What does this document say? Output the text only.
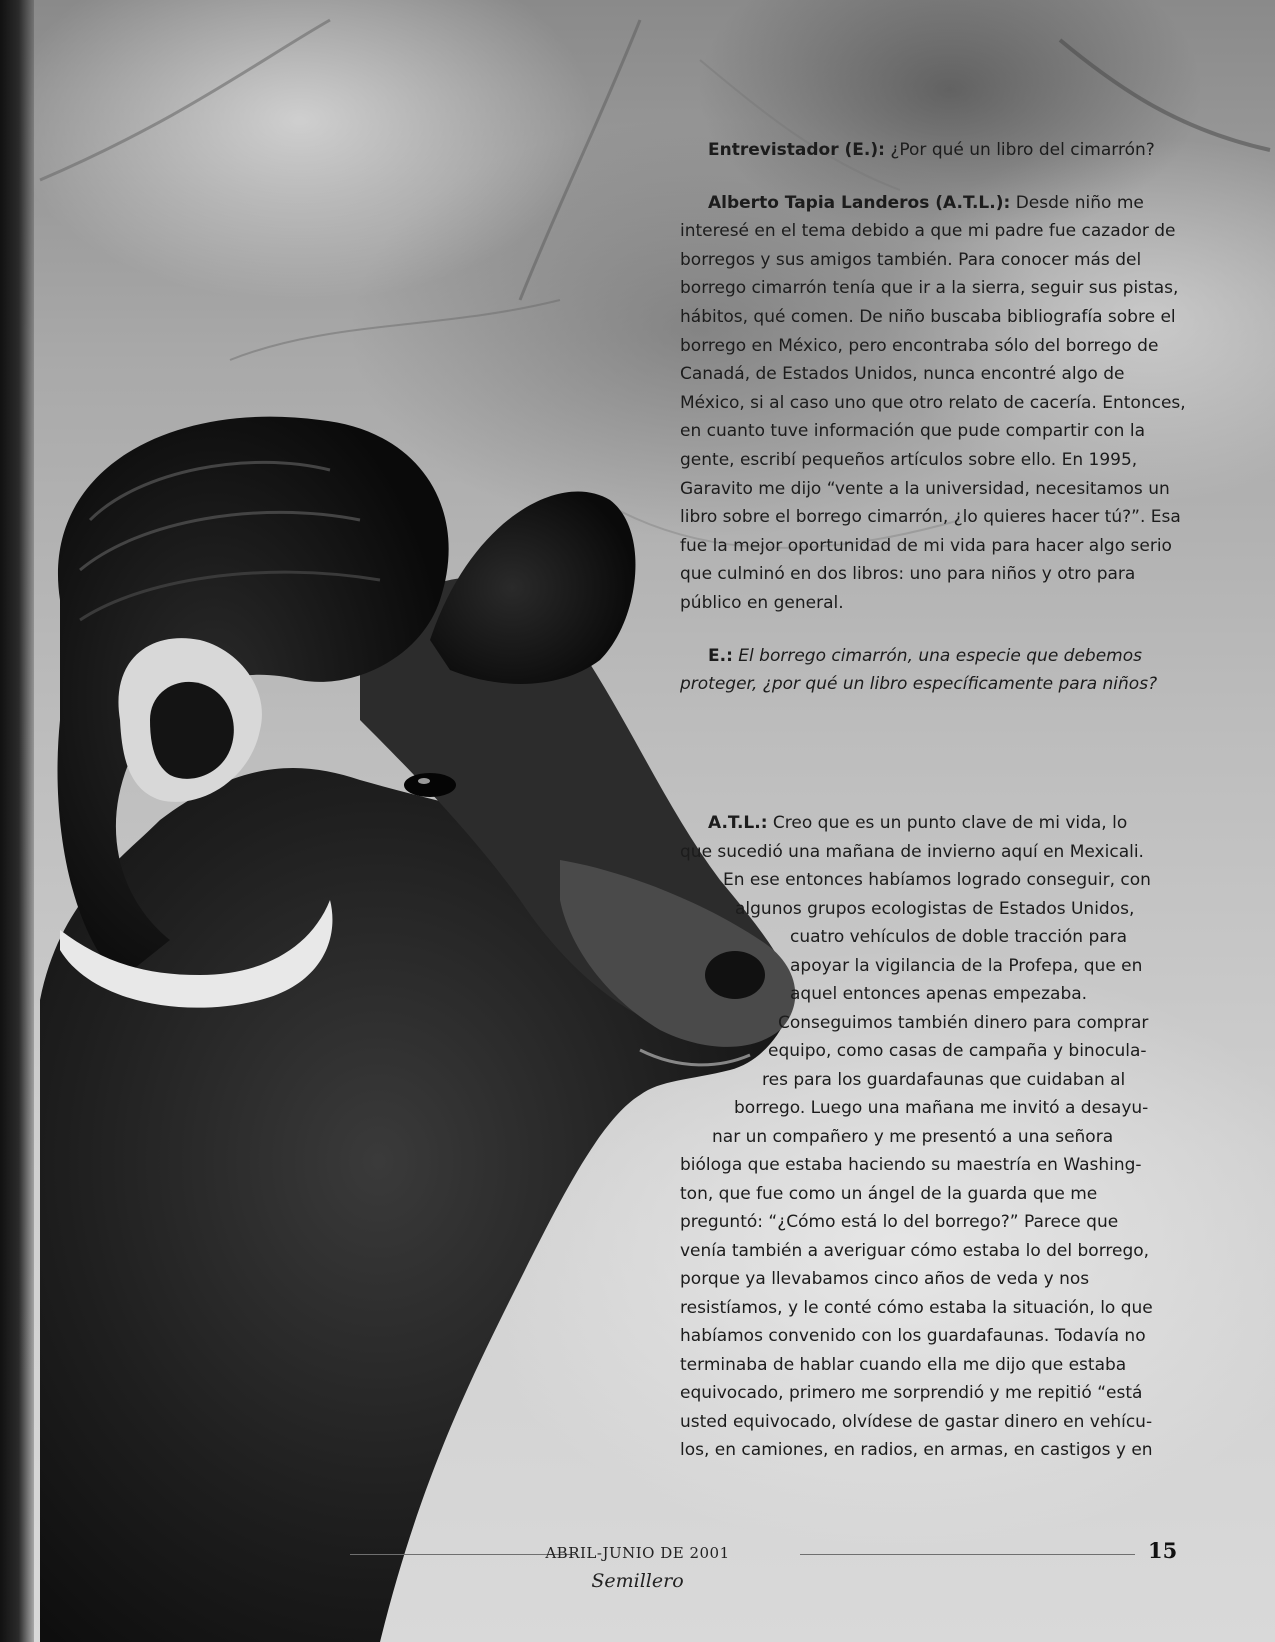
Entrevistador (E.): ¿Por qué un libro del cimarrón?

Alberto Tapia Landeros (A.T.L.): Desde niño me interesé en el tema debido a que mi padre fue cazador de borregos y sus amigos también. Para conocer más del borrego cimarrón tenía que ir a la sierra, seguir sus pistas, hábitos, qué comen. De niño buscaba bibliografía sobre el borrego en México, pero encontraba sólo del borrego de Canadá, de Estados Unidos, nunca encontré algo de México, si al caso uno que otro relato de cacería. Entonces, en cuanto tuve información que pude compartir con la gente, escribí pequeños artículos sobre ello. En 1995, Garavito me dijo “vente a la universidad, necesitamos un libro sobre el borrego cimarrón, ¿lo quieres hacer tú?”. Esa fue la mejor oportunidad de mi vida para hacer algo serio que culminó en dos libros: uno para niños y otro para público en general.

E.: El borrego cimarrón, una especie que debemos proteger, ¿por qué un libro específicamente para niños?

A.T.L.: Creo que es un punto clave de mi vida, lo
que sucedió una mañana de invierno aquí en Mexicali.
En ese entonces habíamos logrado conseguir, con
algunos grupos ecologistas de Estados Unidos,
cuatro vehículos de doble tracción para
apoyar la vigilancia de la Profepa, que en
aquel entonces apenas empezaba.
Conseguimos también dinero para comprar
equipo, como casas de campaña y binocula-
res para los guardafaunas que cuidaban al
borrego. Luego una mañana me invitó a desayu-
nar un compañero y me presentó a una señora
bióloga que estaba haciendo su maestría en Washing-
ton, que fue como un ángel de la guarda que me
preguntó: “¿Cómo está lo del borrego?” Parece que
venía también a averiguar cómo estaba lo del borrego,
porque ya llevabamos cinco años de veda y nos
resistíamos, y le conté cómo estaba la situación, lo que
habíamos convenido con los guardafaunas. Todavía no
terminaba de hablar cuando ella me dijo que estaba
equivocado, primero me sorprendió y me repitió “está
usted equivocado, olvídese de gastar dinero en vehícu-
los, en camiones, en radios, en armas, en castigos y en
ABRIL-JUNIO DE 2001
Semillero
15
